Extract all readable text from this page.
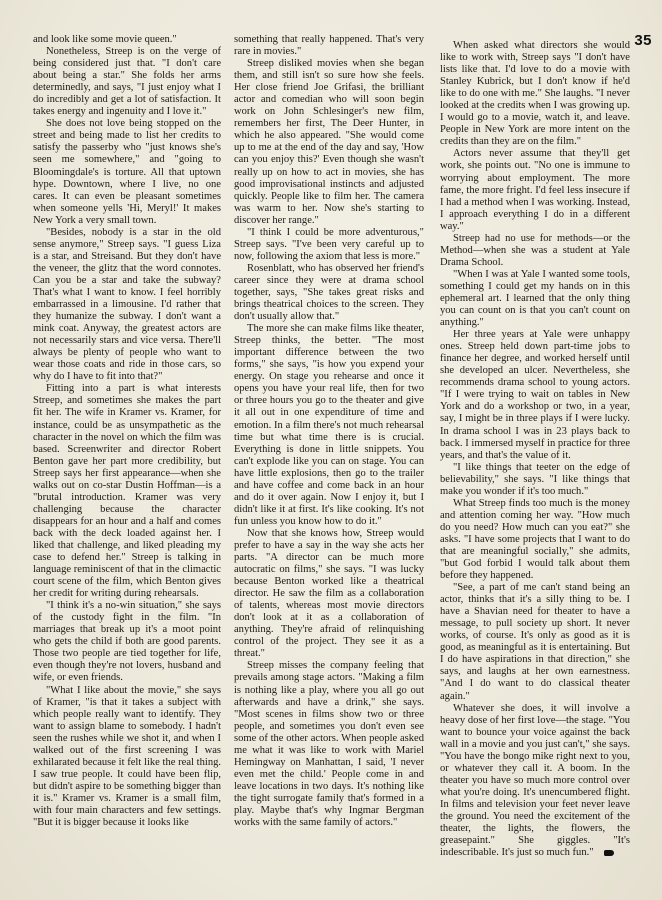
35

and look like some movie queen."

Nonetheless, Streep is on the verge of being considered just that. "I don't care about being a star." She folds her arms determinedly, and says, "I just enjoy what I do incredibly and get a lot of satisfaction. It takes energy and ingenuity and I love it."

She does not love being stopped on the street and being made to list her credits to satisfy the passerby who "just knows she's seen me somewhere," and "going to Bloomingdale's is torture. All that uptown hype. Downtown, where I live, no one cares. It can even be pleasant sometimes when someone yells 'Hi, Meryl!' It makes New York a very small town.

"Besides, nobody is a star in the old sense anymore," Streep says. "I guess Liza is a star, and Streisand. But they don't have the veneer, the glitz that the word connotes. Can you be a star and take the subway? That's what I want to know. I feel horribly embarrassed in a limousine. I'd rather that they humanize the subway. I don't want a mink coat. Anyway, the greatest actors are not necessarily stars and vice versa. There'll always be plenty of people who want to wear those coats and ride in those cars, so why do I have to fit into that?"

Fitting into a part is what interests Streep, and sometimes she makes the part fit her. The wife in Kramer vs. Kramer, for instance, could be as unsympathetic as the character in the novel on which the film was based. Screenwriter and director Robert Benton gave her part more credibility, but Streep says her first appearance—when she walks out on co-star Dustin Hoffman—is a "brutal introduction. Kramer was very challenging because the character disappears for an hour and a half and comes back with the deck loaded against her. I liked that challenge, and liked pleading my case to defend her." Streep is talking in language reminiscent of that in the climactic court scene of the film, which Benton gives her credit for writing during rehearsals.

"I think it's a no-win situation," she says of the custody fight in the film. "In marriages that break up it's a moot point who gets the child if both are good parents. Those two people are tied together for life, even though they're not lovers, husband and wife, or even friends.

"What I like about the movie," she says of Kramer, "is that it takes a subject with which people really want to identify. They want to assign blame to somebody. I hadn't seen the rushes while we shot it, and when I walked out of the first screening I was exhilarated because it felt like the real thing. I saw true people. It could have been flip, but didn't aspire to be something bigger than it is." Kramer vs. Kramer is a small film, with four main characters and few settings. "But it is bigger because it looks like

something that really happened. That's very rare in movies."

Streep disliked movies when she began them, and still isn't so sure how she feels. Her close friend Joe Grifasi, the brilliant actor and comedian who will soon begin work on John Schlesinger's new film, remembers her first, The Deer Hunter, in which he also appeared. "She would come up to me at the end of the day and say, 'How can you enjoy this?' Even though she wasn't really up on how to act in movies, she has good improvisational instincts and adjusted quickly. People like to film her. The camera was warm to her. Now she's starting to discover her range."

"I think I could be more adventurous," Streep says. "I've been very careful up to now, following the axiom that less is more."

Rosenblatt, who has observed her friend's career since they were at drama school together, says, "She takes great risks and brings theatrical choices to the screen. They don't usually allow that."

The more she can make films like theater, Streep thinks, the better. "The most important difference between the two forms," she says, "is how you expend your energy. On stage you rehearse and once it opens you have your real life, then for two or three hours you go to the theater and give it all out in one expenditure of time and emotion. In a film there's not much rehearsal time but what time there is is crucial. Everything is done in little snippets. You can't explode like you can on stage. You can have little explosions, then go to the trailer and have coffee and come back in an hour and do it over again. Now I enjoy it, but I didn't like it at first. It's like cooking. It's not fun unless you know how to do it."

Now that she knows how, Streep would prefer to have a say in the way she acts her parts. "A director can be much more autocratic on films," she says. "I was lucky because Benton worked like a theatrical director. He saw the film as a collaboration of talents, whereas most movie directors don't look at it as a collaboration of anything. They're afraid of relinquishing control of the project. They see it as a threat."

Streep misses the company feeling that prevails among stage actors. "Making a film is nothing like a play, where you all go out afterwards and have a drink," she says. "Most scenes in films show two or three people, and sometimes you don't even see some of the other actors. When people asked me what it was like to work with Mariel Hemingway on Manhattan, I said, 'I never even met the child.' People come in and leave locations in two days. It's nothing like the tight surrogate family that's formed in a play. Maybe that's why Ingmar Bergman works with the same family of actors."

When asked what directors she would like to work with, Streep says "I don't have lists like that. I'd love to do a movie with Stanley Kubrick, but I don't know if he'd like to do one with me." She laughs. "I never looked at the credits when I was growing up. I would go to a movie, watch it, and leave. People in New York are more intent on the credits than they are on the film."

Actors never assume that they'll get work, she points out. "No one is immune to worrying about employment. The more fame, the more fright. I'd feel less insecure if I had a method when I was working. Instead, I approach everything I do in a different way."

Streep had no use for methods—or the Method—when she was a student at Yale Drama School.

"When I was at Yale I wanted some tools, something I could get my hands on in this ephemeral art. I learned that the only thing you can count on is that you can't count on anything."

Her three years at Yale were unhappy ones. Streep held down part-time jobs to finance her degree, and worked herself until she developed an ulcer. Nevertheless, she recommends drama school to young actors. "If I were trying to wait on tables in New York and do a workshop or two, in a year, say, I might be in three plays if I were lucky. In drama school I was in 23 plays back to back. I immersed myself in practice for three years, and that's the value of it.

"I like things that teeter on the edge of believability," she says. "I like things that make you wonder if it's too much."

What Streep finds too much is the money and attention coming her way. "How much do you need? How much can you eat?" she asks. "I have some projects that I want to do that are meaningful socially," she admits, "but God forbid I would talk about them before they happened.

"See, a part of me can't stand being an actor, thinks that it's a silly thing to be. I have a Shavian need for theater to have a message, to pull society up short. It never works, of course. It's only as good as it is good, as meaningful as it is entertaining. But I do have aspirations in that direction," she says, and laughs at her own earnestness. "And I do want to do classical theater again."

Whatever she does, it will involve a heavy dose of her first love—the stage. "You want to bounce your voice against the back wall in a movie and you just can't," she says. "You have the bongo mike right next to you, or whatever they call it. A boom. In the theater you have so much more control over what you're doing. It's unencumbered flight. In films and television your feet never leave the ground. You need the excitement of the theater, the lights, the flowers, the greasepaint." She giggles. "It's indescribable. It's just so much fun."
